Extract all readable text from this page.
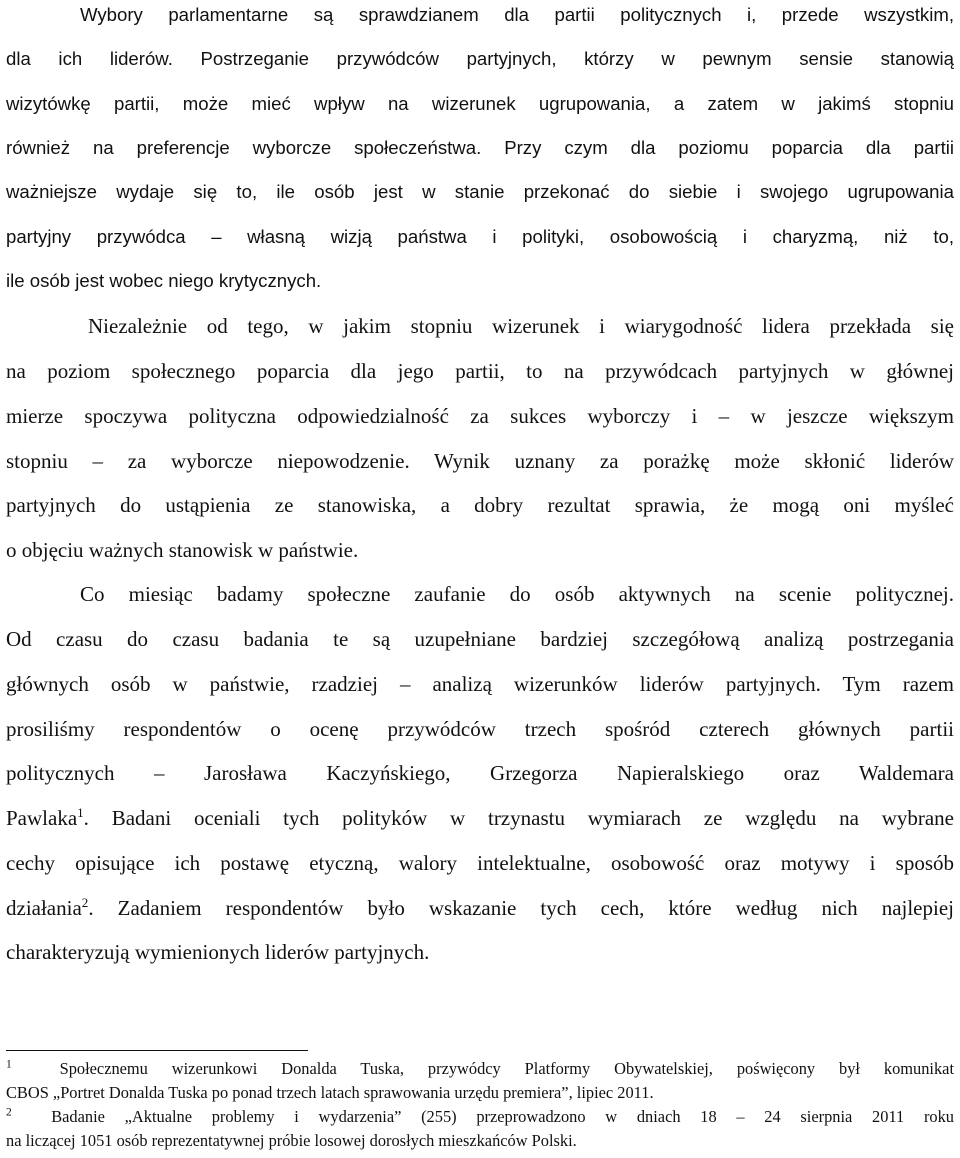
Wybory parlamentarne są sprawdzianem dla partii politycznych i, przede wszystkim,
dla ich liderów. Postrzeganie przywódców partyjnych, którzy w pewnym sensie stanowią
wizytówkę partii, może mieć wpływ na wizerunek ugrupowania, a zatem w jakimś stopniu
również na preferencje wyborcze społeczeństwa. Przy czym dla poziomu poparcia dla partii
ważniejsze wydaje się to, ile osób jest w stanie przekonać do siebie i swojego ugrupowania
partyjny przywódca – własną wizją państwa i polityki, osobowością i charyzmą, niż to,
ile osób jest wobec niego krytycznych.
Niezależnie od tego, w jakim stopniu wizerunek i wiarygodność lidera przekłada się
na poziom społecznego poparcia dla jego partii, to na przywódcach partyjnych w głównej
mierze spoczywa polityczna odpowiedzialność za sukces wyborczy i – w jeszcze większym
stopniu – za wyborcze niepowodzenie. Wynik uznany za porażkę może skłonić liderów
partyjnych do ustąpienia ze stanowiska, a dobry rezultat sprawia, że mogą oni myśleć
o objęciu ważnych stanowisk w państwie.
Co miesiąc badamy społeczne zaufanie do osób aktywnych na scenie politycznej.
Od czasu do czasu badania te są uzupełniane bardziej szczegółową analizą postrzegania
głównych osób w państwie, rzadziej – analizą wizerunków liderów partyjnych. Tym razem
prosiliśmy respondentów o ocenę przywódców trzech spośród czterech głównych partii
politycznych – Jarosława Kaczyńskiego, Grzegorza Napieralskiego oraz Waldemara
Pawlaka$^1$. Badani oceniali tych polityków w trzynastu wymiarach ze względu na wybrane
cechy opisujące ich postawę etyczną, walory intelektualne, osobowość oraz motywy i sposób
działania$^2$. Zadaniem respondentów było wskazanie tych cech, które według nich najlepiej
charakteryzują wymienionych liderów partyjnych.
$^1$	Społecznemu wizerunkowi Donalda Tuska, przywódcy Platformy Obywatelskiej, poświęcony był komunikat
CBOS „Portret Donalda Tuska po ponad trzech latach sprawowania urzędu premiera”, lipiec 2011.
$^2$ Badanie „Aktualne problemy i wydarzenia” (255) przeprowadzono w dniach 18 – 24 sierpnia 2011 roku
na liczącej 1051 osób reprezentatywnej próbie losowej dorosłych mieszkańców Polski.
